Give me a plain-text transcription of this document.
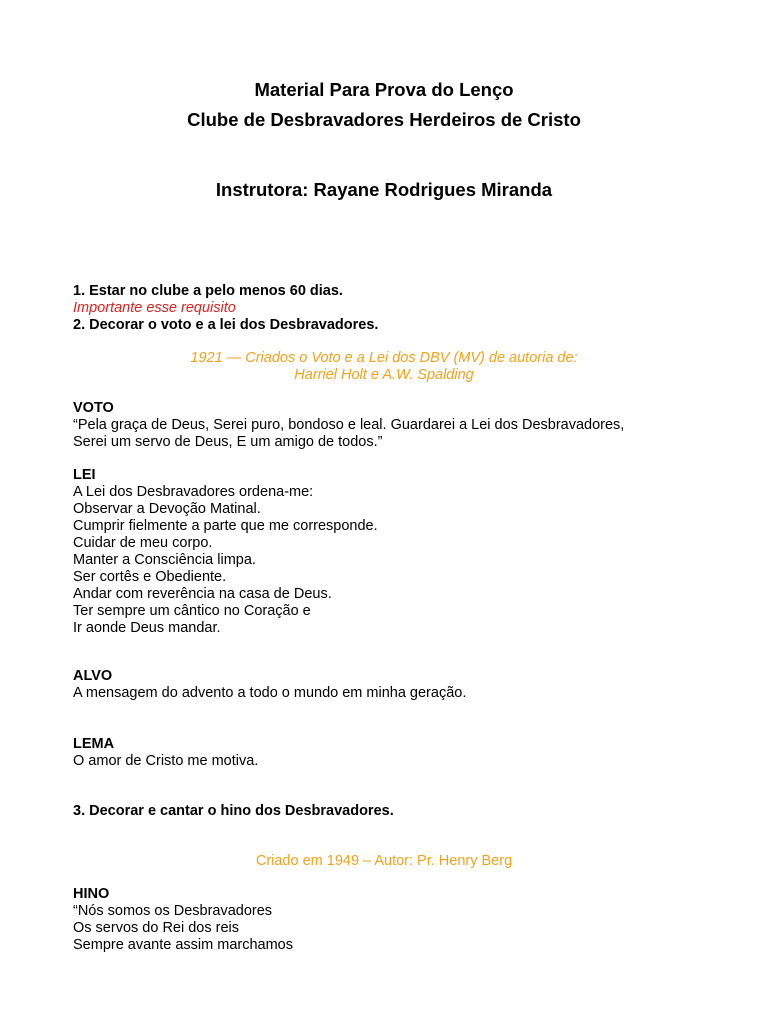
Material Para Prova do Lenço
Clube de Desbravadores Herdeiros de Cristo
Instrutora: Rayane Rodrigues Miranda
1. Estar no clube a pelo menos 60 dias.
Importante esse requisito
2. Decorar o voto e a lei dos Desbravadores.
1921 — Criados o Voto e a Lei dos DBV (MV) de autoria de:
Harriel Holt e A.W. Spalding
VOTO
“Pela graça de Deus, Serei puro, bondoso e leal. Guardarei a Lei dos Desbravadores,
Serei um servo de Deus, E um amigo de todos.”
LEI
A Lei dos Desbravadores ordena-me:
Observar a Devoção Matinal.
Cumprir fielmente a parte que me corresponde.
Cuidar de meu corpo.
Manter a Consciência limpa.
Ser cortês e Obediente.
Andar com reverência na casa de Deus.
Ter sempre um cântico no Coração e
Ir aonde Deus mandar.
ALVO
A mensagem do advento a todo o mundo em minha geração.
LEMA
O amor de Cristo me motiva.
3. Decorar e cantar o hino dos Desbravadores.
Criado em 1949 – Autor: Pr. Henry Berg
HINO
“Nós somos os Desbravadores
Os servos do Rei dos reis
Sempre avante assim marchamos
